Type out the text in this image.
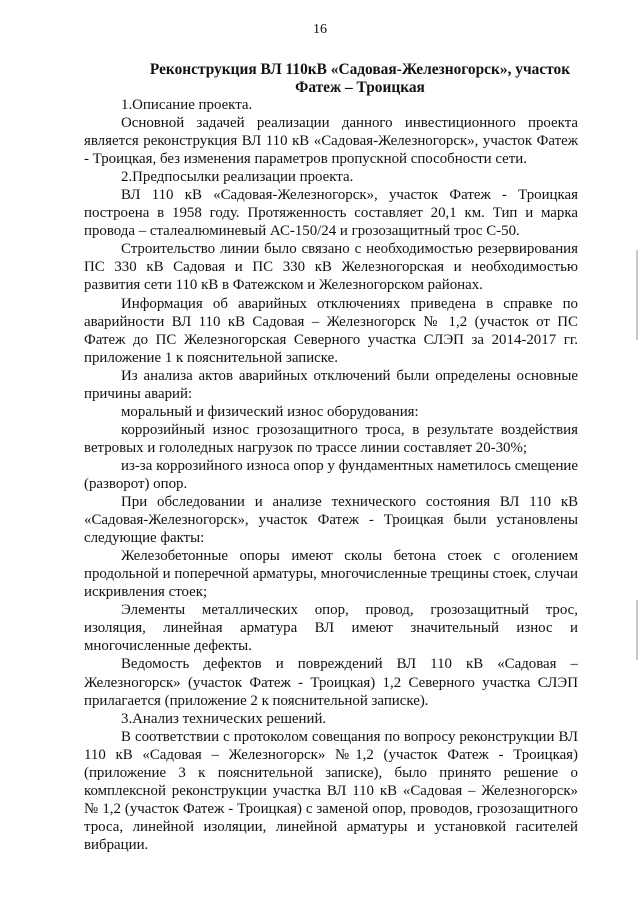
16
Реконструкция ВЛ 110кВ «Садовая-Железногорск», участок
Фатеж – Троицкая

1.Описание проекта.

Основной задачей реализации данного инвестиционного проекта является реконструкция ВЛ 110 кВ «Садовая-Железногорск», участок Фатеж - Троицкая, без изменения параметров пропускной способности сети.

2.Предпосылки реализации проекта.

ВЛ 110 кВ «Садовая-Железногорск», участок Фатеж - Троицкая построена в 1958 году. Протяженность составляет 20,1 км. Тип и марка провода – сталеалюминевый АС-150/24 и грозозащитный трос С-50.

Строительство линии было связано с необходимостью резервирования ПС 330 кВ Садовая и ПС 330 кВ Железногорская и необходимостью развития сети 110 кВ в Фатежском и Железногорском районах.

Информация об аварийных отключениях приведена в справке по аварийности ВЛ 110 кВ Садовая – Железногорск № 1,2 (участок от ПС Фатеж до ПС Железногорская Северного участка СЛЭП за 2014-2017 гг. приложение 1 к пояснительной записке.

Из анализа актов аварийных отключений были определены основные причины аварий:

моральный и физический износ оборудования:

коррозийный износ грозозащитного троса, в результате воздействия ветровых и гололедных нагрузок по трассе линии составляет 20-30%;

из-за коррозийного износа опор у фундаментных наметилось смещение (разворот) опор.

При обследовании и анализе технического состояния ВЛ 110 кВ «Садовая-Железногорск», участок Фатеж - Троицкая были установлены следующие факты:

Железобетонные опоры имеют сколы бетона стоек с оголением продольной и поперечной арматуры, многочисленные трещины стоек, случаи искривления стоек;

Элементы металлических опор, провод, грозозащитный трос, изоляция, линейная арматура ВЛ имеют значительный износ и многочисленные дефекты.

Ведомость дефектов и повреждений ВЛ 110 кВ «Садовая – Железногорск» (участок Фатеж - Троицкая) 1,2 Северного участка СЛЭП прилагается (приложение 2 к пояснительной записке).

3.Анализ технических решений.

В соответствии с протоколом совещания по вопросу реконструкции ВЛ 110 кВ «Садовая – Железногорск» №1,2 (участок Фатеж - Троицкая) (приложение 3 к пояснительной записке), было принято решение о комплексной реконструкции участка ВЛ 110 кВ «Садовая – Железногорск» № 1,2 (участок Фатеж - Троицкая) с заменой опор, проводов, грозозащитного троса, линейной изоляции, линейной арматуры и установкой гасителей вибрации.
